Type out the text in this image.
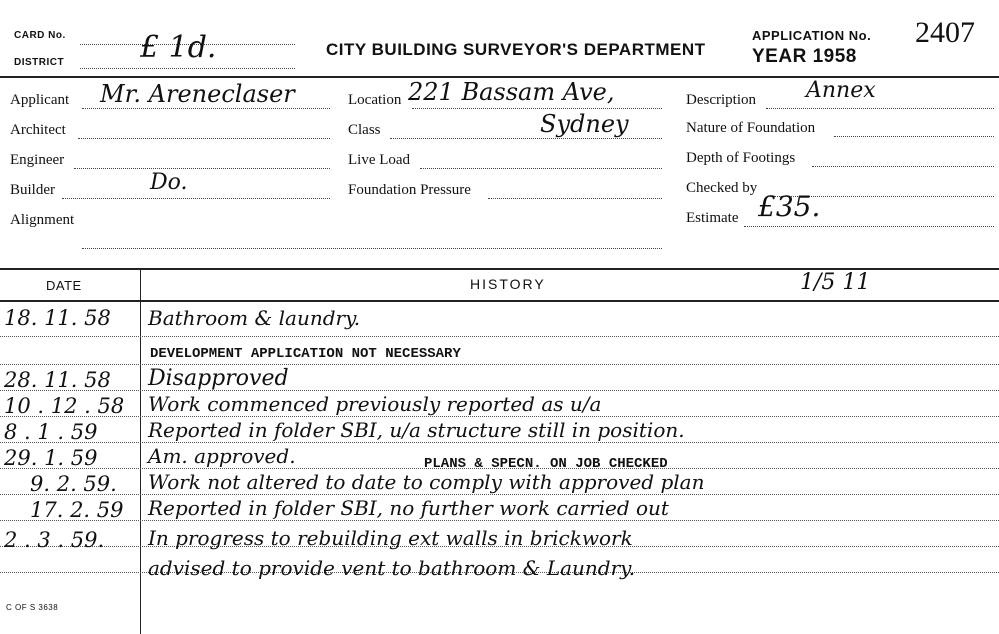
CARD No.
DISTRICT	£ 1d.	CITY BUILDING SURVEYOR'S DEPARTMENT
APPLICATION No. 2407
YEAR 1958
Applicant Mr. Areneclaser
Architect
Engineer
Builder	Do.
Alignment
Location 221 Bassam Ave,
Class	Sydney
Live Load
Foundation Pressure
Description Annex
Nature of Foundation
Depth of Footings
Checked by
Estimate £35.
DATE	HISTORY	1/5 11
18. 11. 58	Bathroom & laundry.
DEVELOPMENT APPLICATION NOT NECESSARY
28. 11. 58	Disapproved
10 . 12 . 58	Work commenced previously reported as u/a
8 . 1 . 59	Reported in folder SBI, u/a structure still in position.
29. 1. 59	Am. approved.	PLANS & SPECN. ON JOB CHECKED
9. 2. 59.	Work not altered to date to comply with approved plan
17. 2. 59	Reported in folder SBI, no further work carried out
2 . 3 . 59.	In progress to rebuilding ext walls in brickwork
advised to provide vent to bathroom & Laundry.
C OF S 3638
